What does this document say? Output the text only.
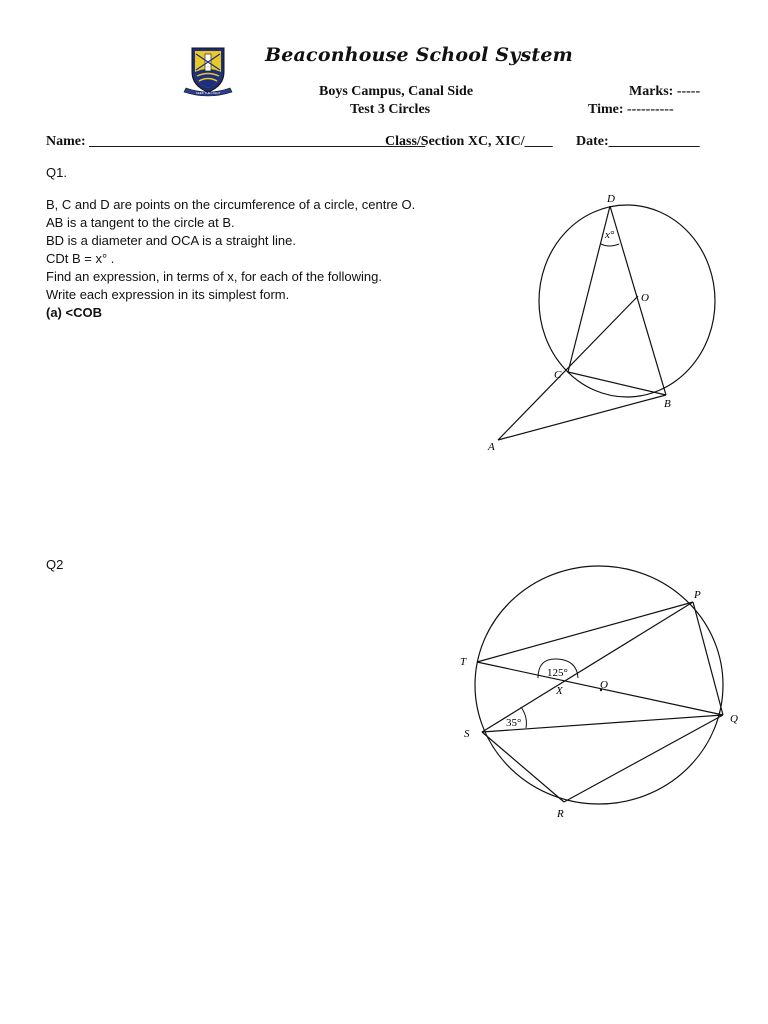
SEEK THE LIGHT
Beaconhouse School System
Boys Campus, Canal Side
Test 3 Circles
Marks: -----
Time: ----------
Name: ________________________________________________
Class/Section XC, XIC/____ Date:_____________
Q1.
B, C and D are points on the circumference of a circle, centre O.
AB is a tangent to the circle at B.
BD is a diameter and OCA is a straight line.
CDt B = x° .
Find an expression, in terms of x, for each of the following.
Write each expression in its simplest form.
(a) <COB
D
x°
O
C
B
A
Q2
P
T
125°
O
X
35°
S
Q
R
